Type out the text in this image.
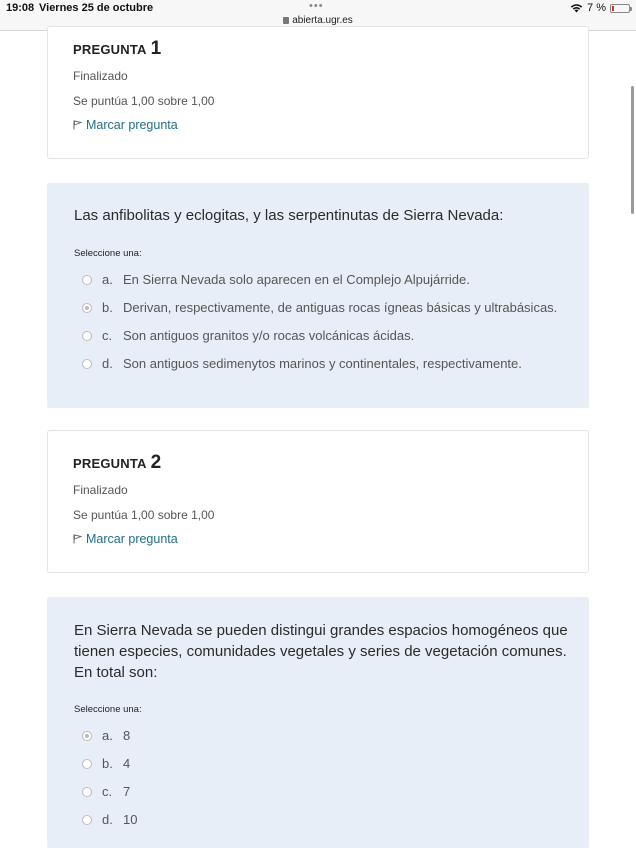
19:08 Viernes 25 de octubre	•••
abierta.ugr.es
7 %
PREGUNTA 1
Finalizado
Se puntúa 1,00 sobre 1,00
Marcar pregunta
Las anfibolitas y eclogitas, y las serpentinutas de Sierra Nevada:
Seleccione una:
a. En Sierra Nevada solo aparecen en el Complejo Alpujárride.
b. Derivan, respectivamente, de antiguas rocas ígneas básicas y ultrabásicas.
c. Son antiguos granitos y/o rocas volcánicas ácidas.
d. Son antiguos sedimenytos marinos y continentales, respectivamente.
PREGUNTA 2
Finalizado
Se puntúa 1,00 sobre 1,00
Marcar pregunta
En Sierra Nevada se pueden distingui grandes espacios homogéneos que tienen especies, comunidades vegetales y series de vegetación comunes. En total son:
Seleccione una:
a. 8
b. 4
c. 7
d. 10
